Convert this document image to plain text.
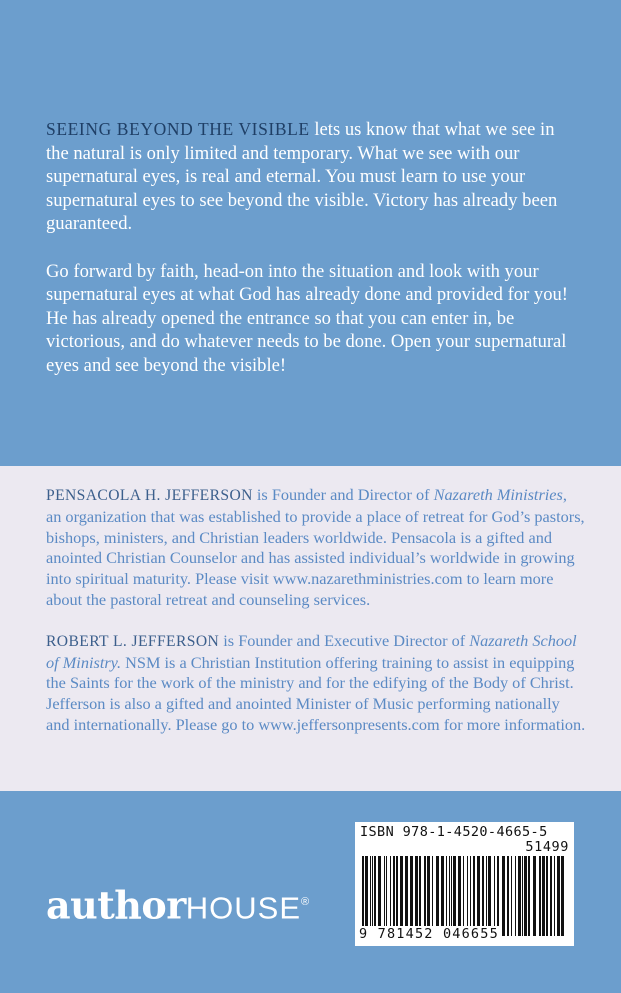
SEEING BEYOND THE VISIBLE lets us know that what we see in the natural is only limited and temporary. What we see with our supernatural eyes, is real and eternal. You must learn to use your supernatural eyes to see beyond the visible. Victory has already been guaranteed.

Go forward by faith, head-on into the situation and look with your supernatural eyes at what God has already done and provided for you! He has already opened the entrance so that you can enter in, be victorious, and do whatever needs to be done. Open your supernatural eyes and see beyond the visible!

PENSACOLA H. JEFFERSON is Founder and Director of Nazareth Ministries, an organization that was established to provide a place of retreat for God’s pastors, bishops, ministers, and Christian leaders worldwide. Pensacola is a gifted and anointed Christian Counselor and has assisted individual’s worldwide in growing into spiritual maturity. Please visit www.nazarethministries.com to learn more about the pastoral retreat and counseling services.

ROBERT L. JEFFERSON is Founder and Executive Director of Nazareth School of Ministry. NSM is a Christian Institution offering training to assist in equipping the Saints for the work of the ministry and for the edifying of the Body of Christ. Jefferson is also a gifted and anointed Minister of Music performing nationally and internationally. Please go to www.jeffersonpresents.com for more information.

authorHOUSE®
ISBN 978-1-4520-4665-5
51499
9 781452 046655
